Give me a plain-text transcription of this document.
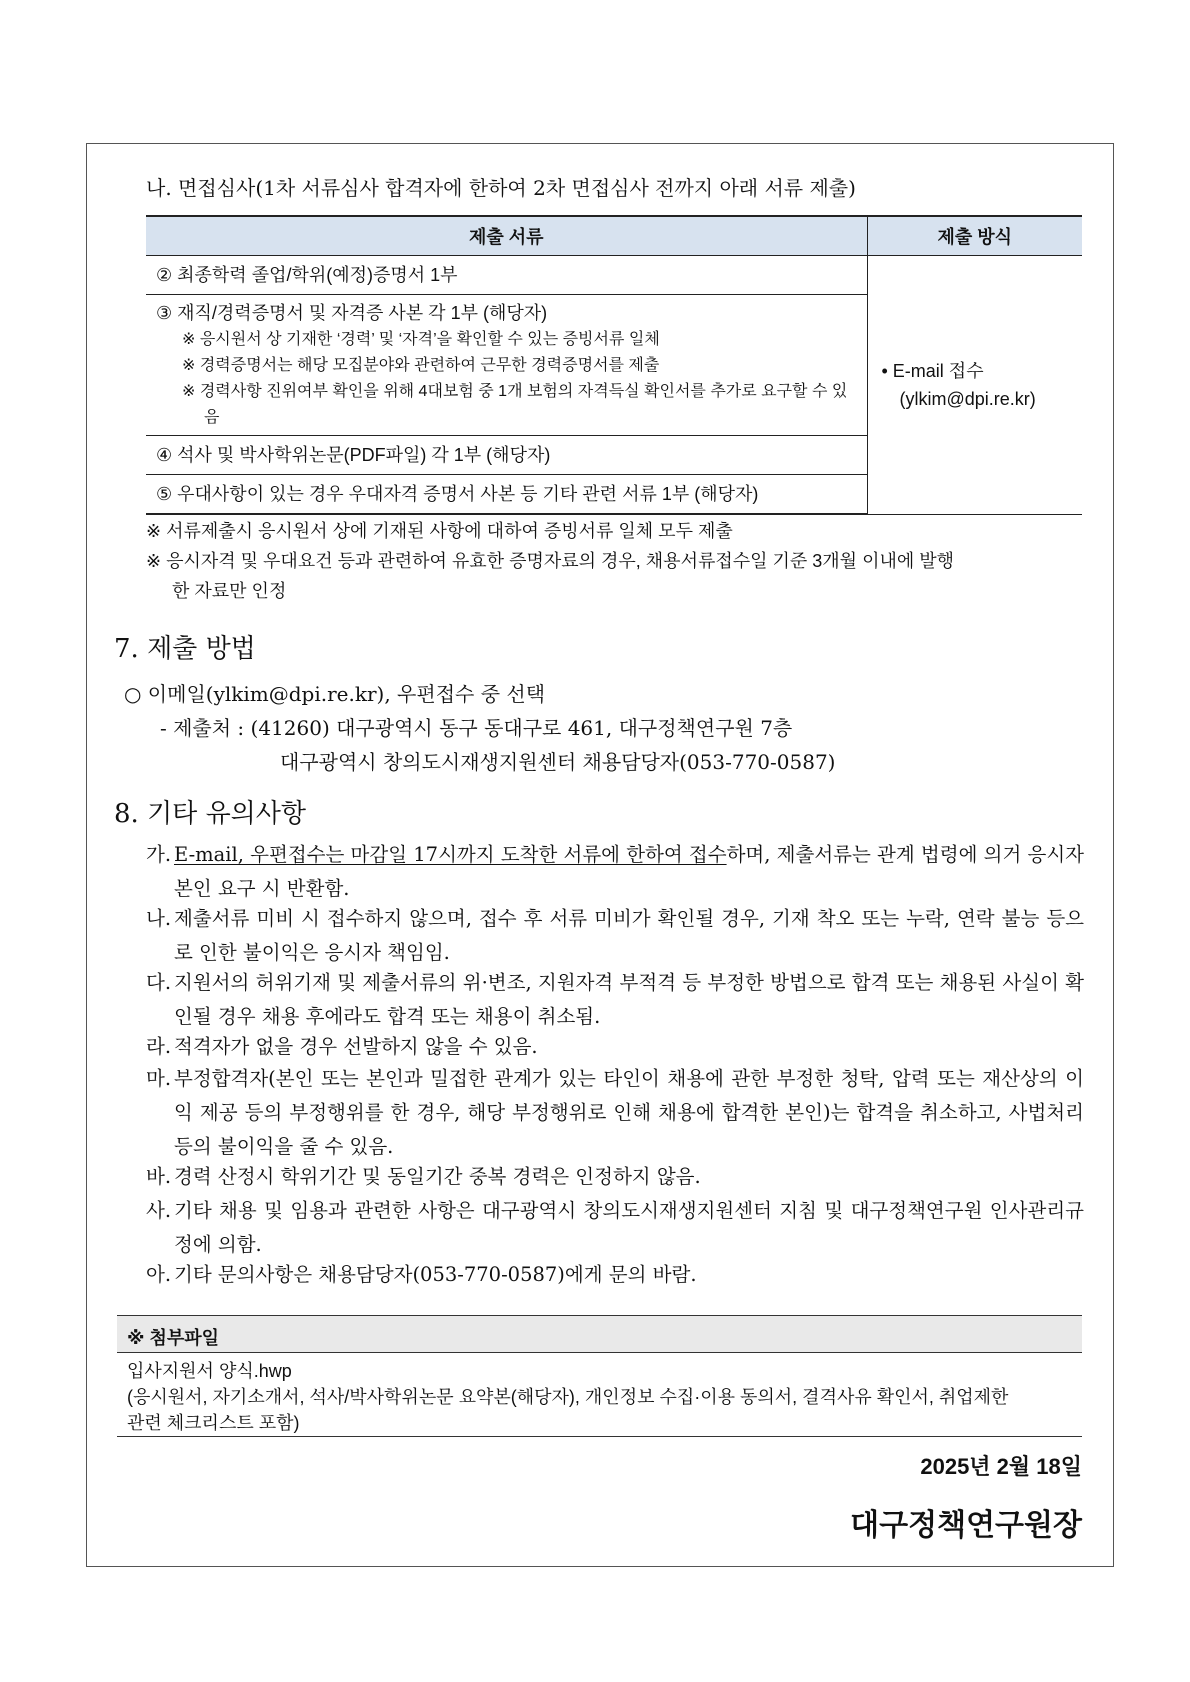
나. 면접심사(1차 서류심사 합격자에 한하여 2차 면접심사 전까지 아래 서류 제출)
제출 서류	제출 방식

② 최종학력 졸업/학위(예정)증명서 1부	• E-mail 접수
(ylkim@dpi.re.kr)

③ 재직/경력증명서 및 자격증 사본 각 1부 (해당자)
※ 응시원서 상 기재한 ‘경력’ 및 ‘자격’을 확인할 수 있는 증빙서류 일체
※ 경력증명서는 해당 모집분야와 관련하여 근무한 경력증명서를 제출
※ 경력사항 진위여부 확인을 위해 4대보험 중 1개 보험의 자격득실 확인서를 추가로 요구할 수 있음	

④ 석사 및 박사학위논문(PDF파일) 각 1부 (해당자)	

⑤ 우대사항이 있는 경우 우대자격 증명서 사본 등 기타 관련 서류 1부 (해당자)	
※ 서류제출시 응시원서 상에 기재된 사항에 대하여 증빙서류 일체 모두 제출
※ 응시자격 및 우대요건 등과 관련하여 유효한 증명자료의 경우, 채용서류접수일 기준 3개월 이내에 발행
한 자료만 인정
7. 제출 방법
○ 이메일(ylkim@dpi.re.kr), 우편접수 중 선택
- 제출처 : (41260) 대구광역시 동구 동대구로 461, 대구정책연구원 7층
대구광역시 창의도시재생지원센터 채용담당자(053-770-0587)
8. 기타 유의사항
가. E-mail, 우편접수는 마감일 17시까지 도착한 서류에 한하여 접수하며, 제출서류는 관계 법령에 의거 응시자 본인 요구 시 반환함.
나. 제출서류 미비 시 접수하지 않으며, 접수 후 서류 미비가 확인될 경우, 기재 착오 또는 누락, 연락 불능 등으로 인한 불이익은 응시자 책임임.
다. 지원서의 허위기재 및 제출서류의 위·변조, 지원자격 부적격 등 부정한 방법으로 합격 또는 채용된 사실이 확인될 경우 채용 후에라도 합격 또는 채용이 취소됨.
라. 적격자가 없을 경우 선발하지 않을 수 있음.
마. 부정합격자(본인 또는 본인과 밀접한 관계가 있는 타인이 채용에 관한 부정한 청탁, 압력 또는 재산상의 이익 제공 등의 부정행위를 한 경우, 해당 부정행위로 인해 채용에 합격한 본인)는 합격을 취소하고, 사법처리 등의 불이익을 줄 수 있음.
바. 경력 산정시 학위기간 및 동일기간 중복 경력은 인정하지 않음.
사. 기타 채용 및 임용과 관련한 사항은 대구광역시 창의도시재생지원센터 지침 및 대구정책연구원 인사관리규정에 의함.
아. 기타 문의사항은 채용담당자(053-770-0587)에게 문의 바람.
※ 첨부파일
입사지원서 양식.hwp
(응시원서, 자기소개서, 석사/박사학위논문 요약본(해당자), 개인정보 수집·이용 동의서, 결격사유 확인서, 취업제한
관련 체크리스트 포함)
2025년 2월 18일
대구정책연구원장
